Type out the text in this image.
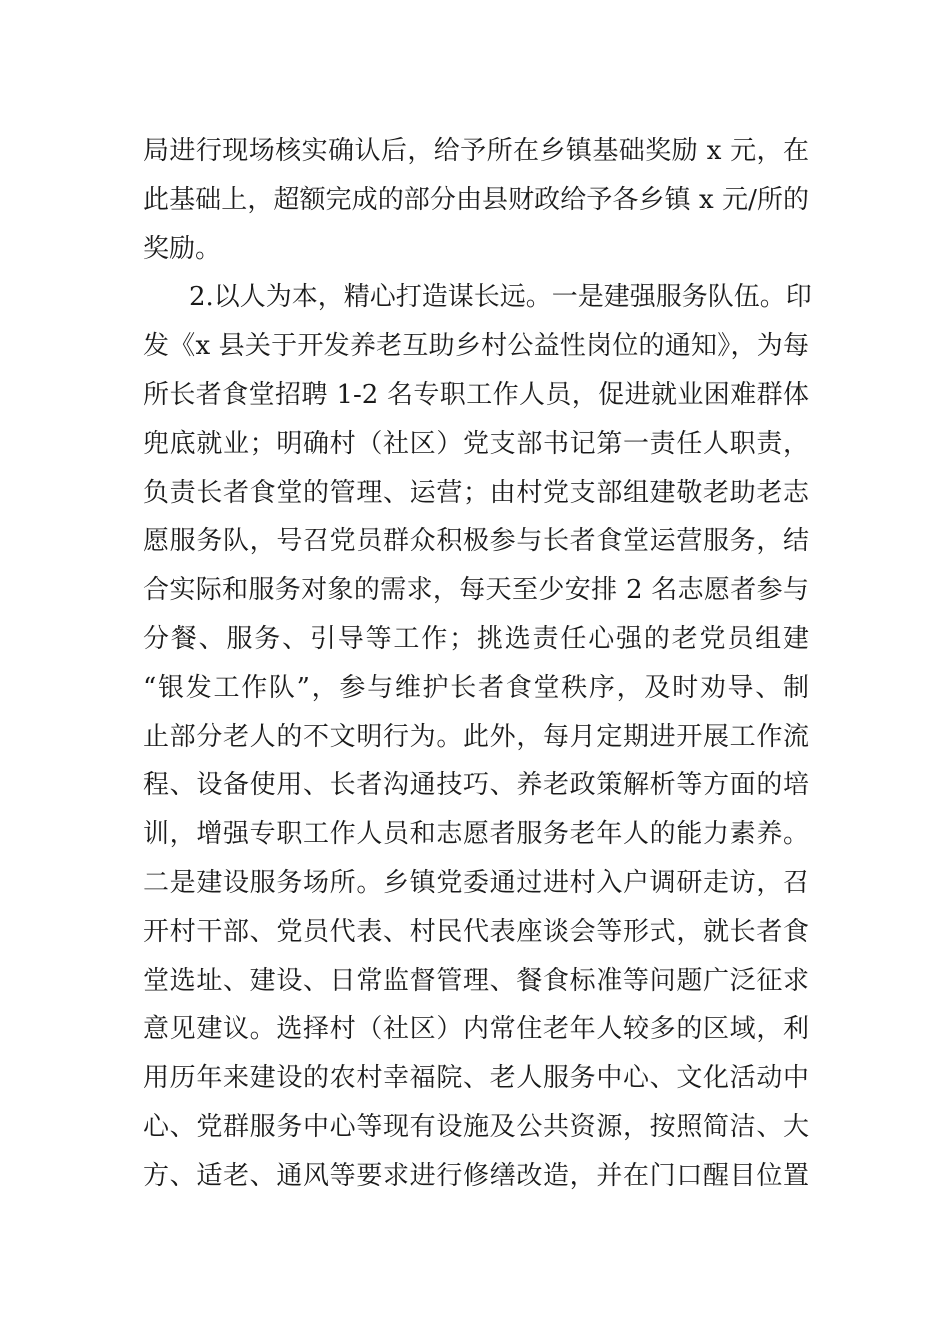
局进行现场核实确认后，给予所在乡镇基础奖励 x 元，在
此基础上，超额完成的部分由县财政给予各乡镇 x 元/所的
奖励。
2.以人为本，精心打造谋长远。一是建强服务队伍。印
发《x 县关于开发养老互助乡村公益性岗位的通知》，为每
所长者食堂招聘 1-2 名专职工作人员，促进就业困难群体
兜底就业；明确村（社区）党支部书记第一责任人职责，
负责长者食堂的管理、运营；由村党支部组建敬老助老志
愿服务队，号召党员群众积极参与长者食堂运营服务，结
合实际和服务对象的需求，每天至少安排 2 名志愿者参与
分餐、服务、引导等工作；挑选责任心强的老党员组建
“银发工作队”，参与维护长者食堂秩序，及时劝导、制
止部分老人的不文明行为。此外，每月定期进开展工作流
程、设备使用、长者沟通技巧、养老政策解析等方面的培
训，增强专职工作人员和志愿者服务老年人的能力素养。
二是建设服务场所。乡镇党委通过进村入户调研走访，召
开村干部、党员代表、村民代表座谈会等形式，就长者食
堂选址、建设、日常监督管理、餐食标准等问题广泛征求
意见建议。选择村（社区）内常住老年人较多的区域，利
用历年来建设的农村幸福院、老人服务中心、文化活动中
心、党群服务中心等现有设施及公共资源，按照简洁、大
方、适老、通风等要求进行修缮改造，并在门口醒目位置
